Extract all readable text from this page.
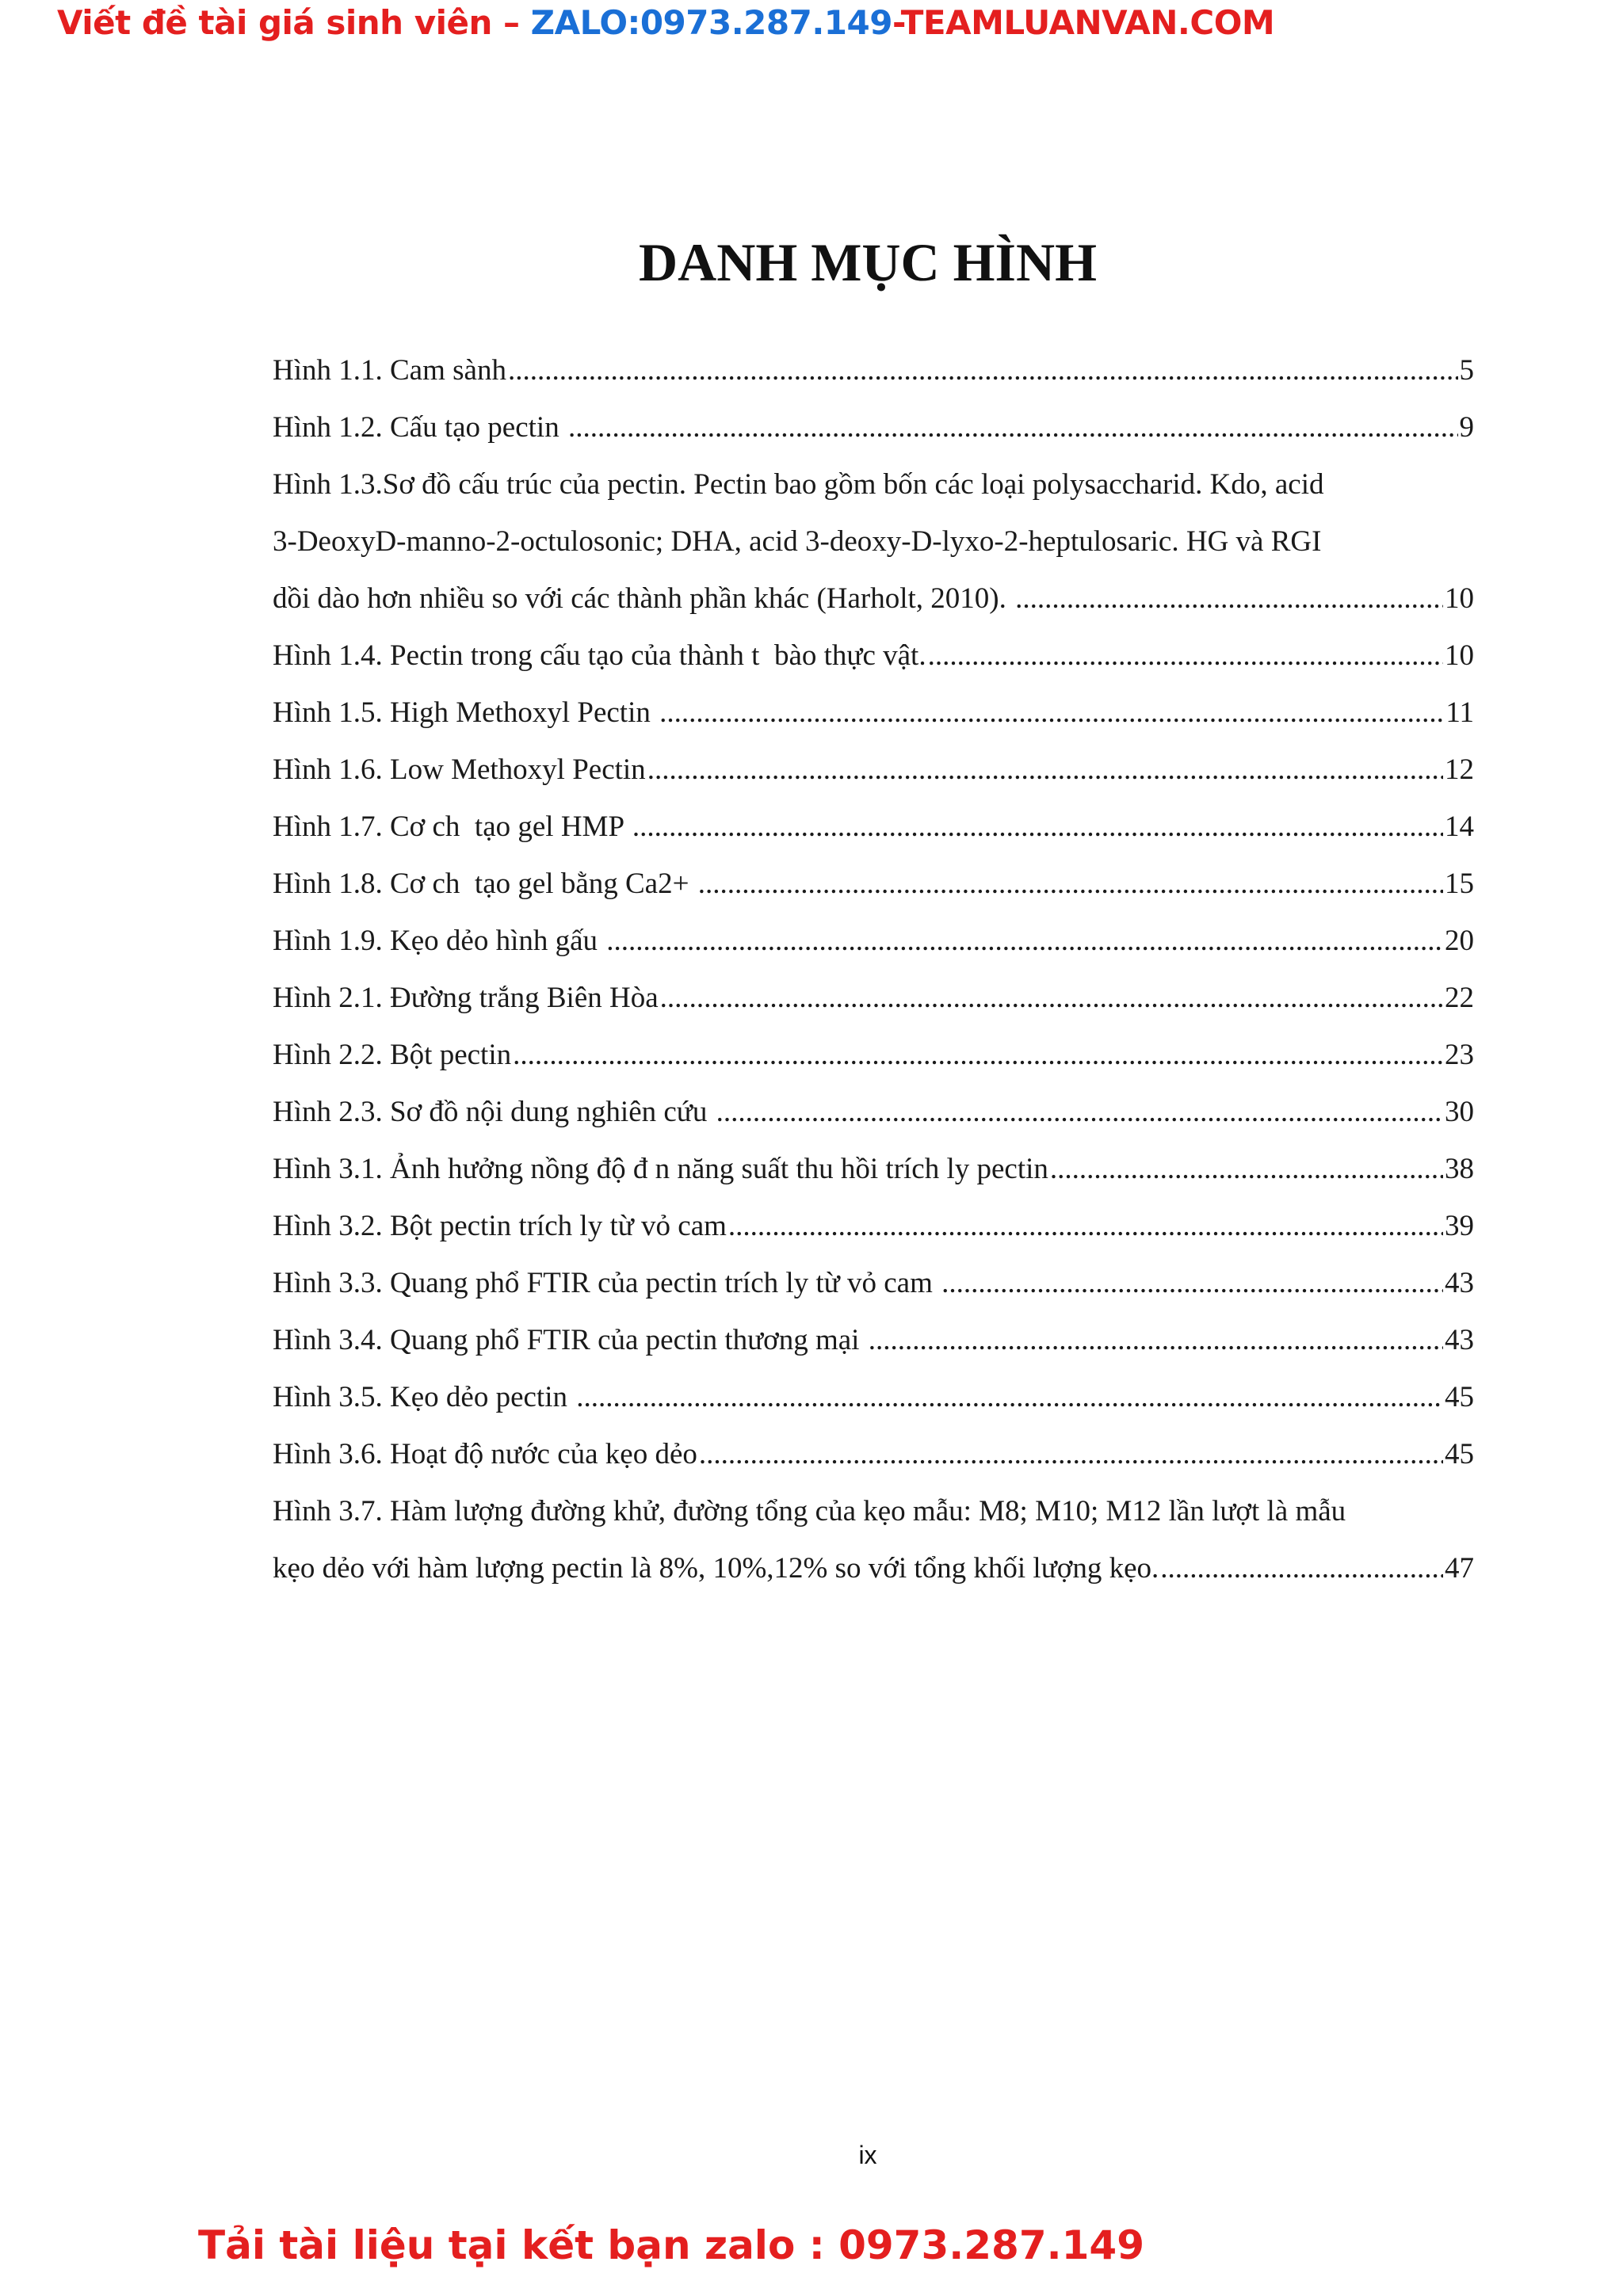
Viết đề tài giá sinh viên – ZALO:0973.287.149-TEAMLUANVAN.COM
DANH MỤC HÌNH
Hình 1.1. Cam sành .....	5
Hình 1.2. Cấu tạo pectin .....	9
Hình 1.3.Sơ đồ cấu trúc của pectin. Pectin bao gồm bốn các loại polysaccharid. Kdo, acid
3-DeoxyD-manno-2-octulosonic; DHA, acid 3-deoxy-D-lyxo-2-heptulosaric. HG và RGI
dồi dào hơn nhiều so với các thành phần khác (Harholt, 2010). .....	10
Hình 1.4. Pectin trong cấu tạo của thành t  bào thực vật. .....	10
Hình 1.5. High Methoxyl Pectin .....	11
Hình 1.6. Low Methoxyl Pectin .....	12
Hình 1.7. Cơ ch  tạo gel HMP .....	14
Hình 1.8. Cơ ch  tạo gel bằng Ca2+ .....	15
Hình 1.9. Kẹo dẻo hình gấu .....	20
Hình 2.1. Đường trắng Biên Hòa .....	22
Hình 2.2. Bột pectin .....	23
Hình 2.3. Sơ đồ nội dung nghiên cứu .....	30
Hình 3.1. Ảnh hưởng nồng độ đ n năng suất thu hồi trích ly pectin .....	38
Hình 3.2. Bột pectin trích ly từ vỏ cam .....	39
Hình 3.3. Quang phổ FTIR của pectin trích ly từ vỏ cam .....	43
Hình 3.4. Quang phổ FTIR của pectin thương mại .....	43
Hình 3.5. Kẹo dẻo pectin .....	45
Hình 3.6. Hoạt độ nước của kẹo dẻo .....	45
Hình 3.7. Hàm lượng đường khử, đường tổng của kẹo mẫu: M8; M10; M12 lần lượt là mẫu
kẹo dẻo với hàm lượng pectin là 8%, 10%,12% so với tổng khối lượng kẹo. .....	47
ix
Tải tài liệu tại kết bạn zalo : 0973.287.149
